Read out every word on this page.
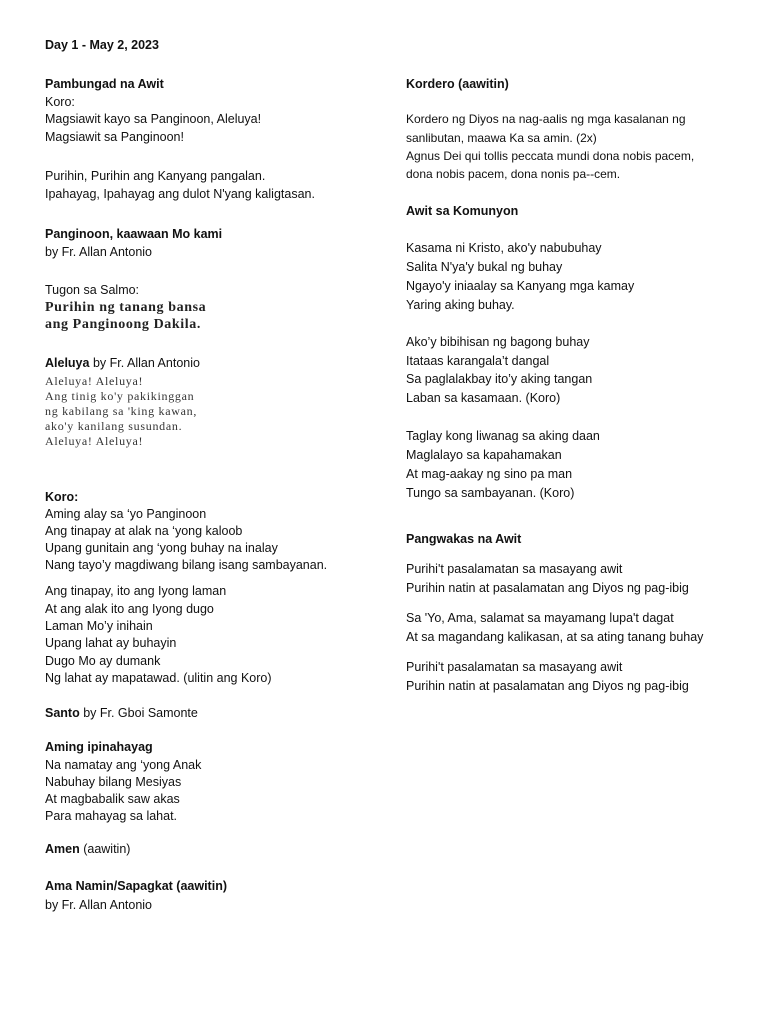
Day 1 - May 2, 2023
Pambungad na Awit
Koro:
Magsiawit kayo sa Panginoon, Aleluya!
Magsiawit sa Panginoon!
Purihin, Purihin ang Kanyang pangalan.
Ipahayag, Ipahayag ang dulot N'yang kaligtasan.
Panginoon, kaawaan Mo kami
by Fr. Allan Antonio
Tugon sa Salmo:
Purihin ng tanang bansa
ang Panginoong Dakila.
Aleluya by Fr. Allan Antonio
Aleluya! Aleluya!
Ang tinig ko'y pakikinggan
ng kabilang sa 'king kawan,
ako'y kanilang susundan.
Aleluya! Aleluya!
Koro:
Aming alay sa ‘yo Panginoon
Ang tinapay at alak na ‘yong kaloob
Upang gunitain ang ‘yong buhay na inalay
Nang tayo’y magdiwang bilang isang sambayanan.
Ang tinapay, ito ang Iyong laman
At ang alak ito ang Iyong dugo
Laman Mo’y inihain
Upang lahat ay buhayin
Dugo Mo ay dumank
Ng lahat ay mapatawad. (ulitin ang Koro)
Santo by Fr. Gboi Samonte
Aming ipinahayag
Na namatay ang ‘yong Anak
Nabuhay bilang Mesiyas
At magbabalik saw akas
Para mahayag sa lahat.
Amen (aawitin)
Ama Namin/Sapagkat (aawitin)
by Fr. Allan Antonio
Kordero (aawitin)
Kordero ng Diyos na nag-aalis ng mga kasalanan ng
sanlibutan, maawa Ka sa amin. (2x)
Agnus Dei qui tollis peccata mundi dona nobis pacem,
dona nobis pacem, dona nonis pa--cem.
Awit sa Komunyon
Kasama ni Kristo, ako'y nabubuhay
Salita N'ya'y bukal ng buhay
Ngayo'y iniaalay sa Kanyang mga kamay
Yaring aking buhay.
Ako’y bibihisan ng bagong buhay
Itataas karangala’t dangal
Sa paglalakbay ito’y aking tangan
Laban sa kasamaan. (Koro)
Taglay kong liwanag sa aking daan
Maglalayo sa kapahamakan
At mag-aakay ng sino pa man
Tungo sa sambayanan. (Koro)
Pangwakas na Awit
Purihi't pasalamatan sa masayang awit
Purihin natin at pasalamatan ang Diyos ng pag-ibig
Sa 'Yo, Ama, salamat sa mayamang lupa't dagat
At sa magandang kalikasan, at sa ating tanang buhay
Purihi't pasalamatan sa masayang awit
Purihin natin at pasalamatan ang Diyos ng pag-ibig
